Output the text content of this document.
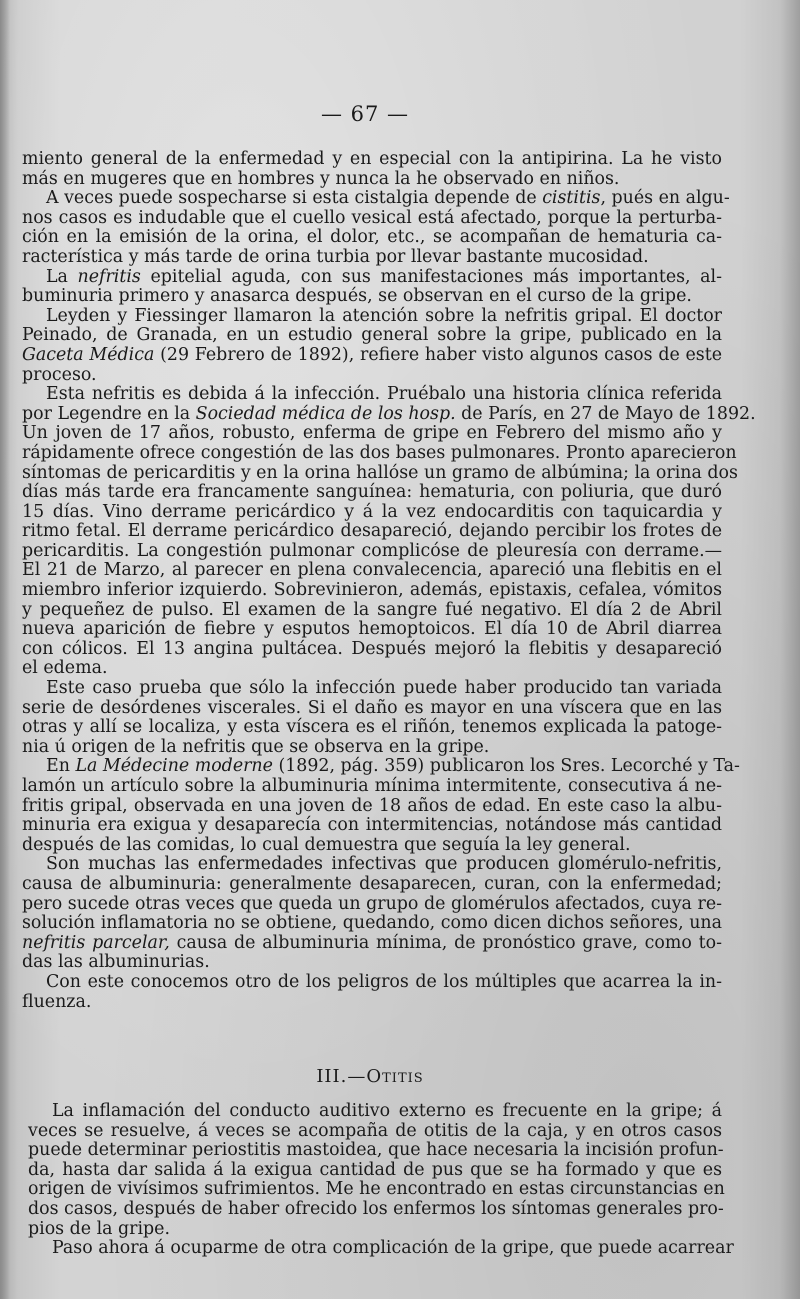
— 67 —
miento general de la enfermedad y en especial con la antipirina. La he visto
más en mugeres que en hombres y nunca la he observado en niños.
A veces puede sospecharse si esta cistalgia depende de cistitis, pués en algu-
nos casos es indudable que el cuello vesical está afectado, porque la perturba-
ción en la emisión de la orina, el dolor, etc., se acompañan de hematuria ca-
racterística y más tarde de orina turbia por llevar bastante mucosidad.
La nefritis epitelial aguda, con sus manifestaciones más importantes, al-
buminuria primero y anasarca después, se observan en el curso de la gripe.
Leyden y Fiessinger llamaron la atención sobre la nefritis gripal. El doctor
Peinado, de Granada, en un estudio general sobre la gripe, publicado en la
Gaceta Médica (29 Febrero de 1892), refiere haber visto algunos casos de este
proceso.
Esta nefritis es debida á la infección. Pruébalo una historia clínica referida
por Legendre en la Sociedad médica de los hosp. de París, en 27 de Mayo de 1892.
Un joven de 17 años, robusto, enferma de gripe en Febrero del mismo año y
rápidamente ofrece congestión de las dos bases pulmonares. Pronto aparecieron
síntomas de pericarditis y en la orina hallóse un gramo de albúmina; la orina dos
días más tarde era francamente sanguínea: hematuria, con poliuria, que duró
15 días. Vino derrame pericárdico y á la vez endocarditis con taquicardia y
ritmo fetal. El derrame pericárdico desapareció, dejando percibir los frotes de
pericarditis. La congestión pulmonar complicóse de pleuresía con derrame.—
El 21 de Marzo, al parecer en plena convalecencia, apareció una flebitis en el
miembro inferior izquierdo. Sobrevinieron, además, epistaxis, cefalea, vómitos
y pequeñez de pulso. El examen de la sangre fué negativo. El día 2 de Abril
nueva aparición de fiebre y esputos hemoptoicos. El día 10 de Abril diarrea
con cólicos. El 13 angina pultácea. Después mejoró la flebitis y desapareció
el edema.
Este caso prueba que sólo la infección puede haber producido tan variada
serie de desórdenes viscerales. Si el daño es mayor en una víscera que en las
otras y allí se localiza, y esta víscera es el riñón, tenemos explicada la patoge-
nia ú origen de la nefritis que se observa en la gripe.
En La Médecine moderne (1892, pág. 359) publicaron los Sres. Lecorché y Ta-
lamón un artículo sobre la albuminuria mínima intermitente, consecutiva á ne-
fritis gripal, observada en una joven de 18 años de edad. En este caso la albu-
minuria era exigua y desaparecía con intermitencias, notándose más cantidad
después de las comidas, lo cual demuestra que seguía la ley general.
Son muchas las enfermedades infectivas que producen glomérulo-nefritis,
causa de albuminuria: generalmente desaparecen, curan, con la enfermedad;
pero sucede otras veces que queda un grupo de glomérulos afectados, cuya re-
solución inflamatoria no se obtiene, quedando, como dicen dichos señores, una
nefritis parcelar, causa de albuminuria mínima, de pronóstico grave, como to-
das las albuminurias.
Con este conocemos otro de los peligros de los múltiples que acarrea la in-
fluenza.
III.—OTITIS
La inflamación del conducto auditivo externo es frecuente en la gripe; á
veces se resuelve, á veces se acompaña de otitis de la caja, y en otros casos
puede determinar periostitis mastoidea, que hace necesaria la incisión profun-
da, hasta dar salida á la exigua cantidad de pus que se ha formado y que es
origen de vivísimos sufrimientos. Me he encontrado en estas circunstancias en
dos casos, después de haber ofrecido los enfermos los síntomas generales pro-
pios de la gripe.
Paso ahora á ocuparme de otra complicación de la gripe, que puede acarrear
